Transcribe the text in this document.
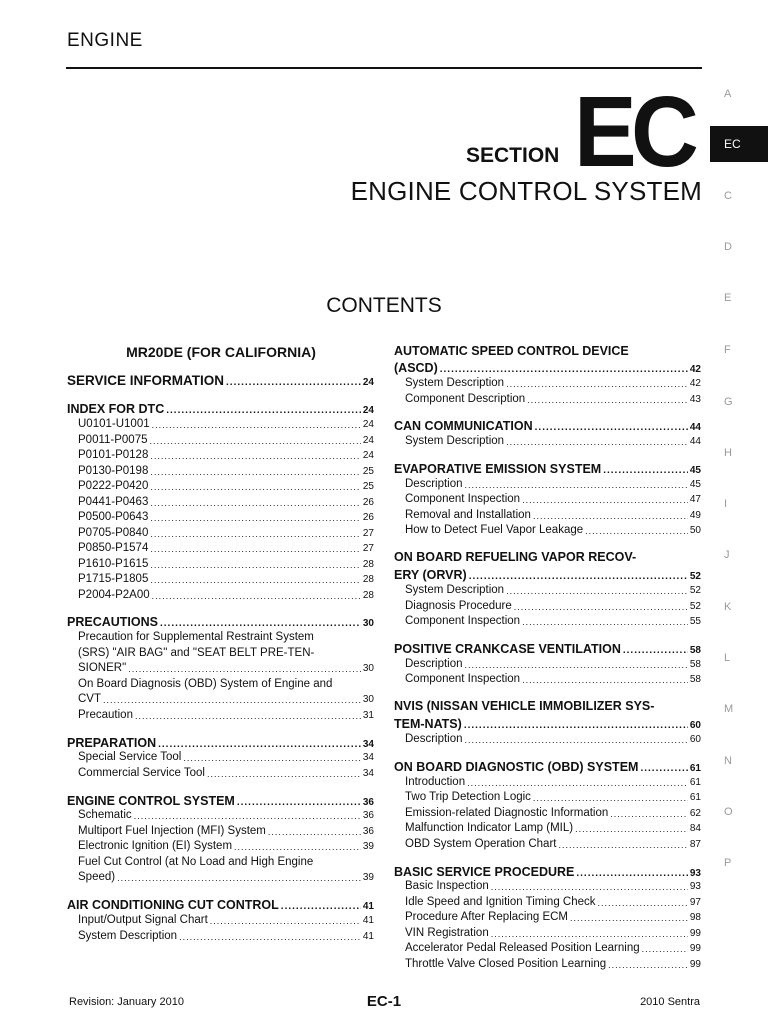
ENGINE
SECTION EC
ENGINE CONTROL SYSTEM
CONTENTS
MR20DE (FOR CALIFORNIA)
A
EC
C
D
E
F
G
H
I
J
K
L
M
N
O
P
SERVICE INFORMATION .....	24
INDEX FOR DTC .....	24
U0101-U1001 .....	24
P0011-P0075 .....	24
P0101-P0128 .....	24
P0130-P0198 .....	25
P0222-P0420 .....	25
P0441-P0463 .....	26
P0500-P0643 .....	26
P0705-P0840 .....	27
P0850-P1574 .....	27
P1610-P1615 .....	28
P1715-P1805 .....	28
P2004-P2A00 .....	28
PRECAUTIONS .....	30
Precaution for Supplemental Restraint System
(SRS) "AIR BAG" and "SEAT BELT PRE-TEN-
SIONER" .....	30
On Board Diagnosis (OBD) System of Engine and
CVT .....	30
Precaution .....	31
PREPARATION .....	34
Special Service Tool .....	34
Commercial Service Tool .....	34
ENGINE CONTROL SYSTEM .....	36
Schematic .....	36
Multiport Fuel Injection (MFI) System .....	36
Electronic Ignition (EI) System .....	39
Fuel Cut Control (at No Load and High Engine
Speed) .....	39
AIR CONDITIONING CUT CONTROL .....	41
Input/Output Signal Chart .....	41
System Description .....	41
AUTOMATIC SPEED CONTROL DEVICE
(ASCD) .....	42
System Description .....	42
Component Description .....	43
CAN COMMUNICATION .....	44
System Description .....	44
EVAPORATIVE EMISSION SYSTEM .....	45
Description .....	45
Component Inspection .....	47
Removal and Installation .....	49
How to Detect Fuel Vapor Leakage .....	50
ON BOARD REFUELING VAPOR RECOV-
ERY (ORVR) .....	52
System Description .....	52
Diagnosis Procedure .....	52
Component Inspection .....	55
POSITIVE CRANKCASE VENTILATION .....	58
Description .....	58
Component Inspection .....	58
NVIS (NISSAN VEHICLE IMMOBILIZER SYS-
TEM-NATS) .....	60
Description .....	60
ON BOARD DIAGNOSTIC (OBD) SYSTEM .....	61
Introduction .....	61
Two Trip Detection Logic .....	61
Emission-related Diagnostic Information .....	62
Malfunction Indicator Lamp (MIL) .....	84
OBD System Operation Chart .....	87
BASIC SERVICE PROCEDURE .....	93
Basic Inspection .....	93
Idle Speed and Ignition Timing Check .....	97
Procedure After Replacing ECM .....	98
VIN Registration .....	99
Accelerator Pedal Released Position Learning .....	99
Throttle Valve Closed Position Learning .....	99
Revision: January 2010	EC-1	2010 Sentra
